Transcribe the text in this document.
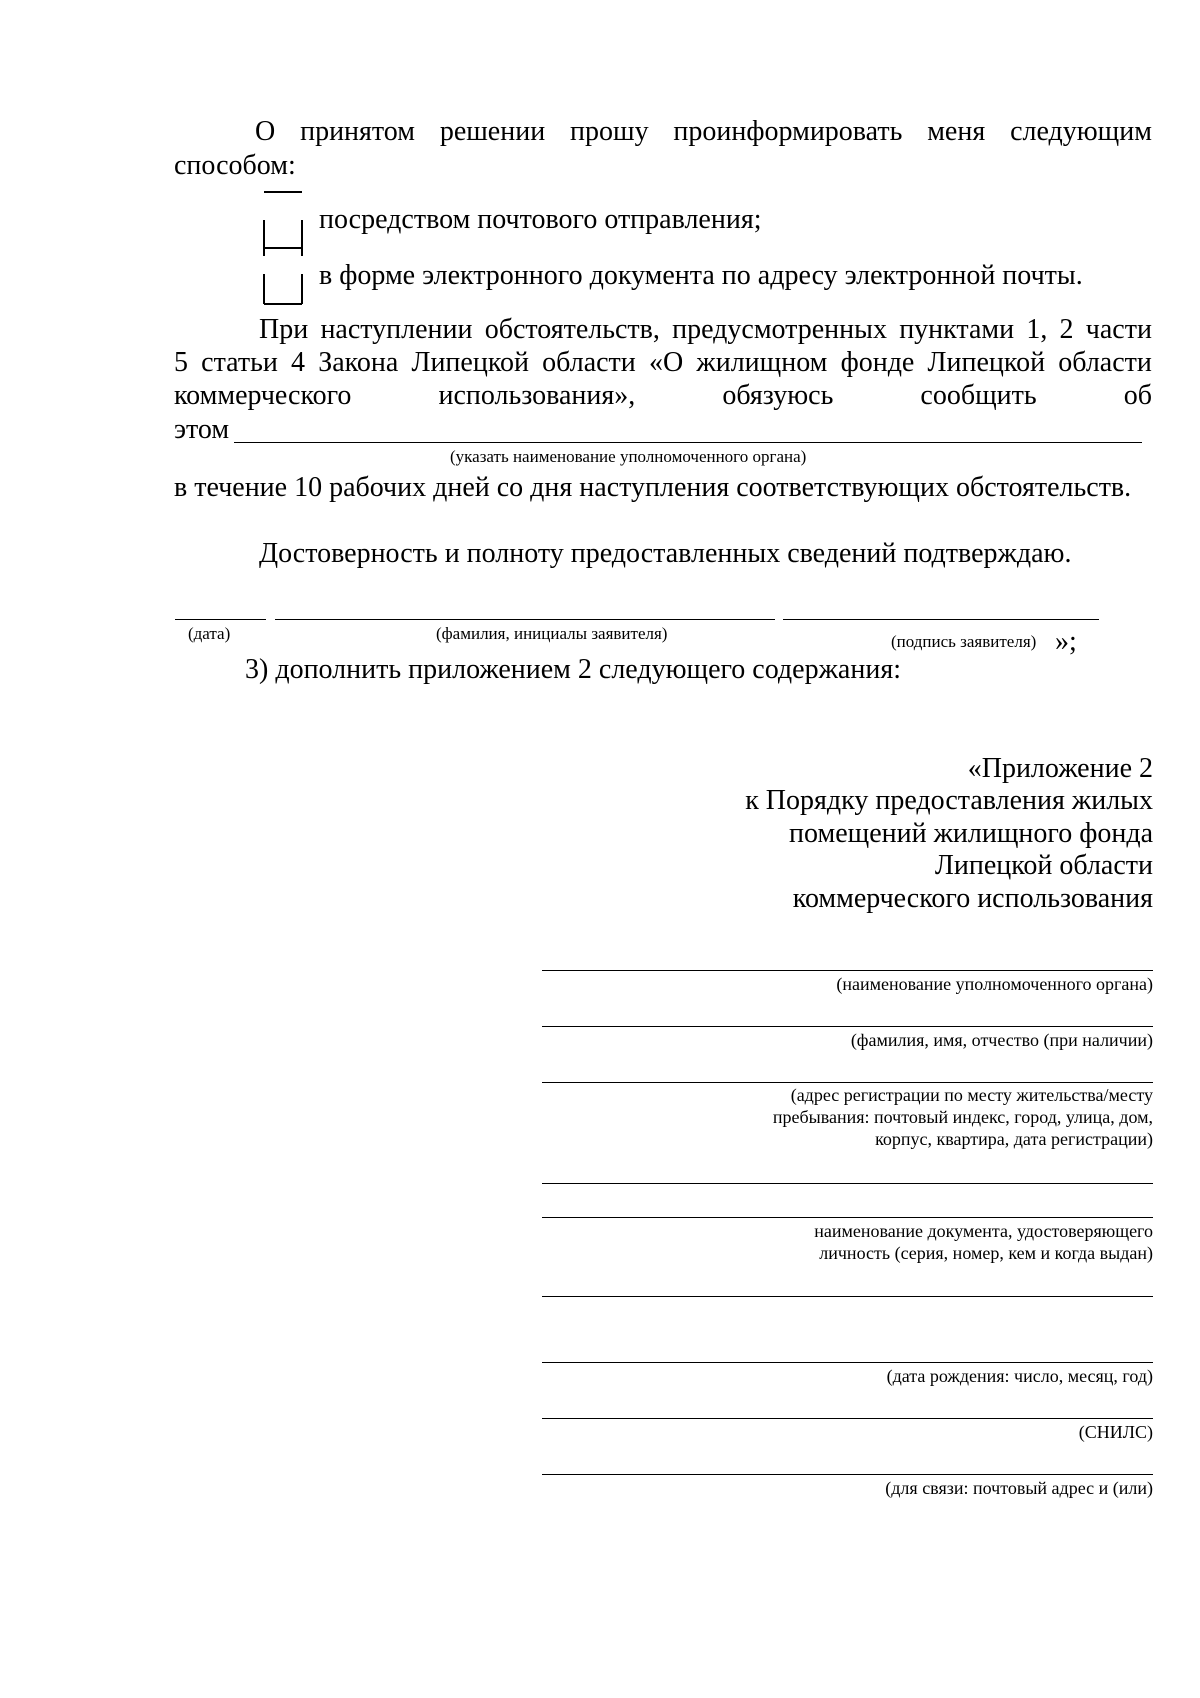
О принятом решении прошу проинформировать меня следующим
способом:
посредством почтового отправления;
в форме электронного документа по адресу электронной почты.
При наступлении обстоятельств, предусмотренных пунктами 1, 2 части
5 статьи 4 Закона Липецкой области «О жилищном фонде Липецкой области
коммерческого	использования»,	обязуюсь	сообщить	об
этом
(указать наименование уполномоченного органа)
в течение 10 рабочих дней со дня наступления соответствующих обстоятельств.
Достоверность и полноту предоставленных сведений подтверждаю.
(дата)	(фамилия, инициалы заявителя)	(подпись заявителя) »;
3) дополнить приложением 2 следующего содержания:
«Приложение 2
к Порядку предоставления жилых
помещений жилищного фонда
Липецкой области
коммерческого использования
(наименование уполномоченного органа)
(фамилия, имя, отчество (при наличии)
(адрес регистрации по месту жительства/месту
пребывания: почтовый индекс, город, улица, дом,
корпус, квартира, дата регистрации)
наименование документа, удостоверяющего
личность (серия, номер, кем и когда выдан)
(дата рождения: число, месяц, год)
(СНИЛС)
(для связи: почтовый адрес и (или)
